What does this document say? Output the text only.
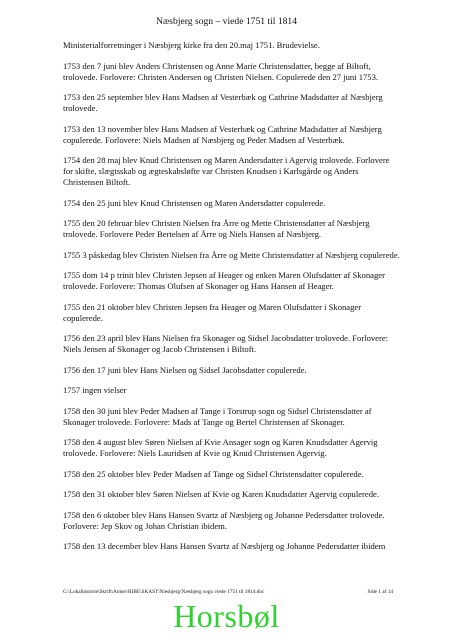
Næsbjerg sogn – viede 1751 til 1814

Ministerialforretninger i Næsbjerg kirke fra den 20.maj 1751. Brudevielse.

1753 den 7 juni blev Anders Christensen og Anne Marie Christensdatter, begge af Biltoft, trolovede. Forlovere: Christen Andersen og Christen Nielsen. Copulerede den 27 juni 1753.

1753 den 25 september blev Hans Madsen af Vesterbæk og Cathrine Madsdatter af Næsbjerg trolovede.

1753 den 13 november blev Hans Madsen af Vesterbæk og Cathrine Madsdatter af Næsbjerg copulerede. Forlovere: Niels Madsen af Næsbjerg og Peder Madsen af Vesterbæk.

1754 den 28 maj blev Knud Christensen og Maren Andersdatter i Agervig trolovede. Forlovere for skifte, slægtsskab og ægteskabsløfte var Christen Knudsen i Karlsgårde og Anders Christensen Biltoft.

1754 den 25 juni blev Knud Christensen og Maren Andersdatter copulerede.

1755 den 20 februar blev Christen Nielsen fra Årre og Mette Christensdatter af Næsbjerg trolovede. Forlovere Peder Bertelsen af Årre og Niels Hansen af Næsbjerg.

1755 3 påskedag blev Christen Nielsen fra Årre og Mette Christensdatter af Næsbjerg copulerede.

1755 dom 14 p trinit blev Christen Jepsen af Heager og enken Maren Olufsdatter af Skonager trolovede. Forlovere: Thomas Olufsen af Skonager og Hans Hansen af Heager.

1755 den 21 oktober blev Christen Jepsen fra Heager og Maren Olufsdatter i Skonager copulerede.

1756 den 23 april blev Hans Nielsen fra Skonager og Sidsel Jacobsdatter trolovede. Forlovere: Niels Jensen af Skonager og Jacob Christensen i Biltoft.

1756 den 17 juni blev Hans Nielsen og Sidsel Jacobsdatter copulerede.

1757 ingen vielser

1758 den 30 juni blev Peder Madsen af Tange i Torstrup sogn og Sidsel Christensdatter af Skonager trolovede. Forlovere: Mads af Tange og Bertel Christensen af Skonager.

1758 den 4 august blev Søren Nielsen af Kvie Ansager sogn og Karen Knudsdatter Agervig trolovede. Forlovere: Niels Lauridsen af Kvie og Knud Christensen Agervig.

1758 den 25 oktober blev Peder Madsen af Tange og Sidsel Christensdatter copulerede.

1758 den 31 oktober blev Søren Nielsen af Kvie og Karen Knudsdatter Agervig copulerede.

1758 den 6 oktober blev Hans Hansen Svartz af Næsbjerg og Johanne Pedersdatter trolovede. Forlovere: Jep Skov og Johan Christian ibidem.

1758 den 13 december blev Hans Hansen Svartz af Næsbjerg og Johanne Pedersdatter ibidem

G:\Lokalhistorie\Skrift\Amter\RIBE\SKAST\Næsbjerg\Næsbjerg sogn viede 1751 til 1814.doc	Side 1 af 14
Horsbøl
